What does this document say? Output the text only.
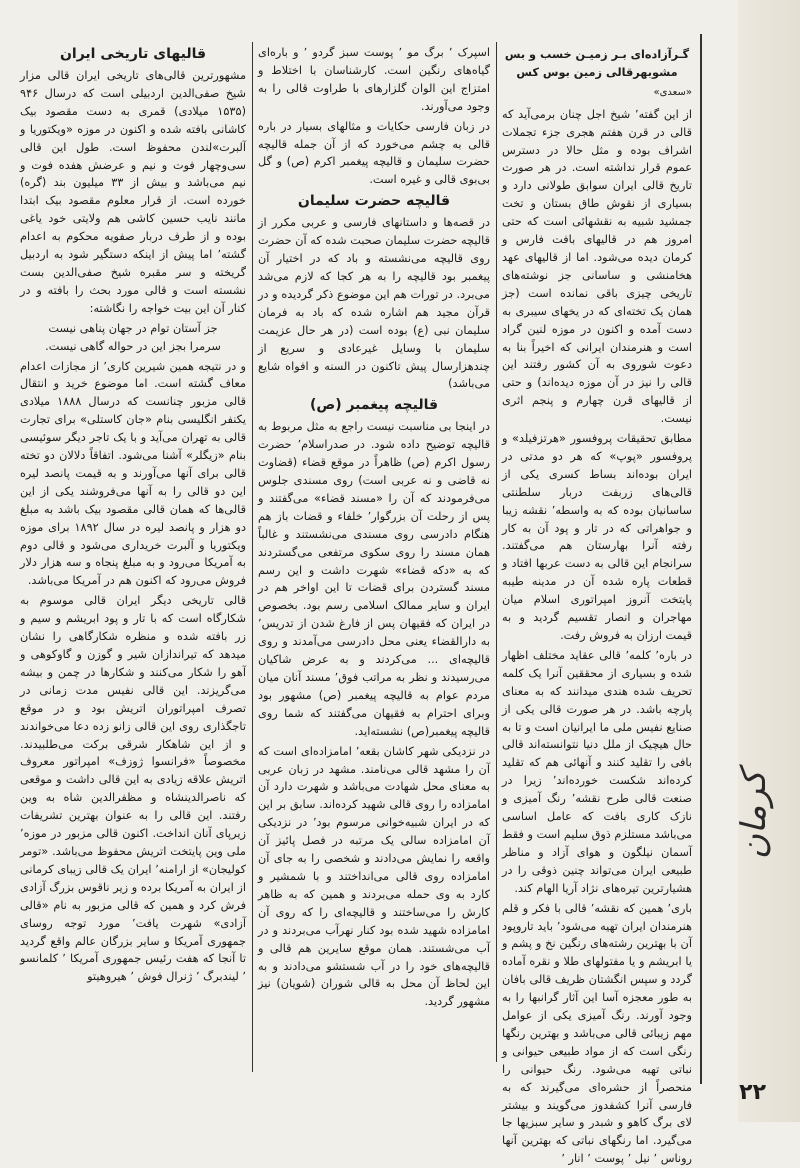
گـرآزاده‌ای بـر زمیـن خسب و بس
مشوبهرقالی زمین بوس کس

«سعدی»

از این گفته٬ شیخ اجل چنان برمی‌آید که قالی در قرن هفتم هجری جزء تجملات اشراف بوده و مثل حالا در دسترس عموم قرار نداشته است. در هر صورت تاریخ قالی ایران سوابق طولانی دارد و بسیاری از نقوش طاق بستان و تخت جمشید شبیه به نقشهائی است که حتی امروز هم در قالیهای بافت فارس و کرمان دیده می‌شود. اما از قالیهای عهد هخامنشی و ساسانی جز نوشته‌های تاریخی چیزی باقی نمانده است (جز همان یک تخته‌ای که در یخهای سیبری به دست آمده و اکنون در موزه لنین گراد است و هنرمندان ایرانی که اخیراً بنا به دعوت شوروی به آن کشور رفتند این قالی را نیز در آن موزه دیده‌اند) و حتی از قالیهای قرن چهارم و پنجم اثری نیست.

مطابق تحقیقات پروفسور «هرتزفیلد» و پروفسور «پوپ» که هر دو مدتی در ایران بوده‌اند بساط کسری یکی از قالی‌های زربفت دربار سلطنتی ساسانیان بوده که به واسطه٬ نقشه زیبا و جواهراتی که در تار و پود آن به کار رفته آنرا بهارستان هم می‌گفتند. سرانجام این قالی به دست عربها افتاد و قطعات پاره شده آن در مدینه طیبه پایتخت آنروز امپراتوری اسلام میان مهاجران و انصار تقسیم گردید و به قیمت ارزان به فروش رفت.

در باره٬ کلمه٬ قالی عقاید مختلف اظهار شده و بسیاری از محققین آنرا یک کلمه تحریف شده هندی میدانند که به معنای پارچه باشد. در هر صورت قالی یکی از صنایع نفیس ملی ما ایرانیان است و تا به حال هیچیک از ملل دنیا نتوانسته‌اند قالی بافی را تقلید کنند و آنهائی هم که تقلید کرده‌اند شکست خورده‌اند٬ زیرا در صنعت قالی طرح نقشه٬ رنگ آمیزی و نازک کاری بافت که عامل اساسی می‌باشد مستلزم ذوق سلیم است و فقط آسمان نیلگون و هوای آزاد و مناظر طبیعی ایران می‌تواند چنین ذوقی را در هشیارترین تیره‌های نژاد آریا الهام کند.

باری٬ همین که نقشه٬ قالی با فکر و قلم هنرمندان ایران تهیه می‌شود٬ باید تاروپود آن با بهترین رشته‌های رنگین نخ و پشم و یا ابریشم و یا مفتولهای طلا و نقره آماده گردد و سپس انگشتان ظریف قالی بافان به طور معجزه آسا این آثار گرانبها را به وجود آورند. رنگ آمیزی یکی از عوامل مهم زیبائی قالی می‌باشد و بهترین رنگها رنگی است که از مواد طبیعی حیوانی و نباتی تهیه می‌شود. رنگ حیوانی را منحصراً از حشره‌ای می‌گیرند که به فارسی آنرا کشفدوز می‌گویند و بیشتر لای برگ کاهو و شبدر و سایر سبزیها جا می‌گیرد. اما رنگهای نباتی که بهترین آنها روناس ٬ نیل ٬ پوست ٬ انار ٬

اسپرک ٬ برگ مو ٬ پوست سبز گردو ٬ و باره‌ای گیاه‌های رنگین است. کارشناسان با اختلاط و امتزاج این الوان گلزارهای با طراوت قالی را به وجود می‌آورند.

در زبان فارسی حکایات و مثالهای بسیار در باره قالی به چشم می‌خورد که از آن جمله قالیچه حضرت سلیمان و قالیچه پیغمبر اکرم (ص) و گل بی‌بوی قالی و غیره است.

قالیچه حضرت سلیمان

در قصه‌ها و داستانهای فارسی و عربی مکرر از قالیچه حضرت سلیمان صحبت شده که آن حضرت روی قالیچه می‌نشسته و باد که در اختیار آن پیغمبر بود قالیچه را به هر کجا که لازم می‌شد می‌برد. در تورات هم این موضوع ذکر گردیده و در قرآن مجید هم اشاره شده که باد به فرمان سلیمان نبی (ع) بوده است (در هر حال عزیمت سلیمان با وسایل غیرعادی و سریع از چندهزارسال پیش تاکنون در السنه و افواه شایع می‌باشد)

قالیچه پیغمبر (ص)

در اینجا بی مناسبت نیست راجع به مثل مربوط به قالیچه توضیح داده شود. در صدراسلام٬ حضرت رسول اکرم (ص) ظاهراً در موقع قضاء (قضاوت نه قاضی و نه عربی است) روی مسندی جلوس می‌فرمودند که آن را «مسند قضاء» می‌گفتند و پس از رحلت آن بزرگوار٬ خلفاء و قضات باز هم هنگام دادرسی روی مسندی می‌نشستند و غالباً همان مسند را روی سکوی مرتفعی می‌گستردند که به «دکه قضاء» شهرت داشت و این رسم مسند گستردن برای قضات تا این اواخر هم در ایران و سایر ممالک اسلامی رسم بود. بخصوص در ایران که فقیهان پس از فارغ شدن از تدریس٬ به دارالقضاء یعنی محل دادرسی می‌آمدند و روی قالیچه‌ای ... می‌کردند و به عرض شاکیان می‌رسیدند و نظر به مراتب فوق٬ مسند آنان میان مردم عوام به قالیچه پیغمبر (ص) مشهور بود وبرای احترام به فقیهان می‌گفتند که شما روی قالیچه پیغمبر(ص) نشسته‌اید.

در نزدیکی شهر کاشان بقعه٬ امامزاده‌ای است که آن را مشهد قالی می‌نامند. مشهد در زبان عربی به معنای محل شهادت می‌باشد و شهرت دارد آن امامزاده را روی قالی شهید کرده‌اند. سابق بر این که در ایران شبیه‌خوانی مرسوم بود٬ در نزدیکی آن امامزاده سالی یک مرتبه در فصل پائیز آن واقعه را نمایش می‌دادند و شخصی را به جای آن امامزاده روی قالی می‌انداختند و با شمشیر و کارد به وی حمله می‌بردند و همین که به ظاهر کارش را می‌ساختند و قالیچه‌ای را که روی آن امامزاده شهید شده بود کنار نهرآب می‌بردند و در آب می‌شستند. همان موقع سایرین هم قالی و قالیچه‌های خود را در آب شستشو می‌دادند و به این لحاظ آن محل به قالی شوران (شویان) نیز مشهور گردید.

قالیهای تاریخی ایران

مشهورترین قالی‌های تاریخی ایران قالی مزار شیخ صفی‌الدین اردبیلی است که درسال ۹۴۶ (۱۵۳۵ میلادی) قمری به دست مقصود بیک کاشانی بافته شده و اکنون در موزه «ویکتوریا و آلبرت»لندن محفوظ است. طول این قالی سی‌وچهار فوت و نیم و عرضش هفده فوت و نیم می‌باشد و بیش از ۳۳ میلیون بند (گره) خورده است. از قرار معلوم مقصود بیک ابتدا مانند نایب حسین کاشی هم ولایتی خود یاغی بوده و از طرف دربار صفویه محکوم به اعدام گشته٬ اما پیش از اینکه دستگیر شود به اردبیل گریخته و سر مقبره شیخ صفی‌الدین بست نشسته است و قالی مورد بحث را بافته و در کنار آن این بیت خواجه را نگاشته:

جز آستان توام در جهان پناهی نیست
سرمرا بجز این در حواله گاهی نیست.

و در نتیجه همین شیرین کاری٬ از مجازات اعدام معاف گشته است. اما موضوع خرید و انتقال قالی مزبور چنانست که درسال ۱۸۸۸ میلادی یکنفر انگلیسی بنام «جان کاستلی» برای تجارت قالی به تهران می‌آید و با یک تاجر دیگر سوئیسی بنام «زیگلر» آشنا می‌شود. اتفاقاً دلالان دو تخته قالی برای آنها می‌آورند و به قیمت پانصد لیره این دو قالی را به آنها می‌فروشند یکی از این قالی‌ها که همان قالی مقصود بیک باشد به مبلغ دو هزار و پانصد لیره در سال ۱۸۹۲ برای موزه ویکتوریا و آلبرت خریداری می‌شود و قالی دوم به آمریکا می‌رود و به مبلغ پنجاه و سه هزار دلار فروش می‌رود که اکنون هم در آمریکا می‌باشد.

قالی تاریخی دیگر ایران قالی موسوم به شکارگاه است که با تار و پود ابریشم و سیم و زر بافته شده و منظره شکارگاهی را نشان میدهد که تیراندازان شیر و گوزن و گاوکوهی و آهو را شکار می‌کنند و شکارها در چمن و بیشه می‌گریزند. این قالی نفیس مدت زمانی در تصرف امپراتوران اتریش بود و در موقع تاجگذاری روی این قالی زانو زده دعا می‌خواندند و از این شاهکار شرقی برکت می‌طلبیدند. مخصوصاً «فرانسوا ژوزف» امپراتور معروف اتریش علاقه زیادی به این قالی داشت و موقعی که ناصرالدینشاه و مظفرالدین شاه به وین رفتند. این قالی را به عنوان بهترین تشریفات زیرپای آنان انداخت. اکنون قالی مزبور در موزه٬ ملی وین پایتخت اتریش محفوظ می‌باشد. «تومر کولیجان» از ارامنه٬ ایران یک قالی زیبای کرمانی از ایران به آمریکا برده و زیر ناقوس بزرگ آزادی فرش کرد و همین که قالی مزبور به نام «قالی آزادی» شهرت یافت٬ مورد توجه روسای جمهوری آمریکا و سایر بزرگان عالم واقع گردید تا آنجا که هفت رئیس جمهوری آمریکا ٬ کلمانسو ٬ لیندبرگ ٬ ژنرال فوش ٬ هیروهیتو

کرمان
۲۲
